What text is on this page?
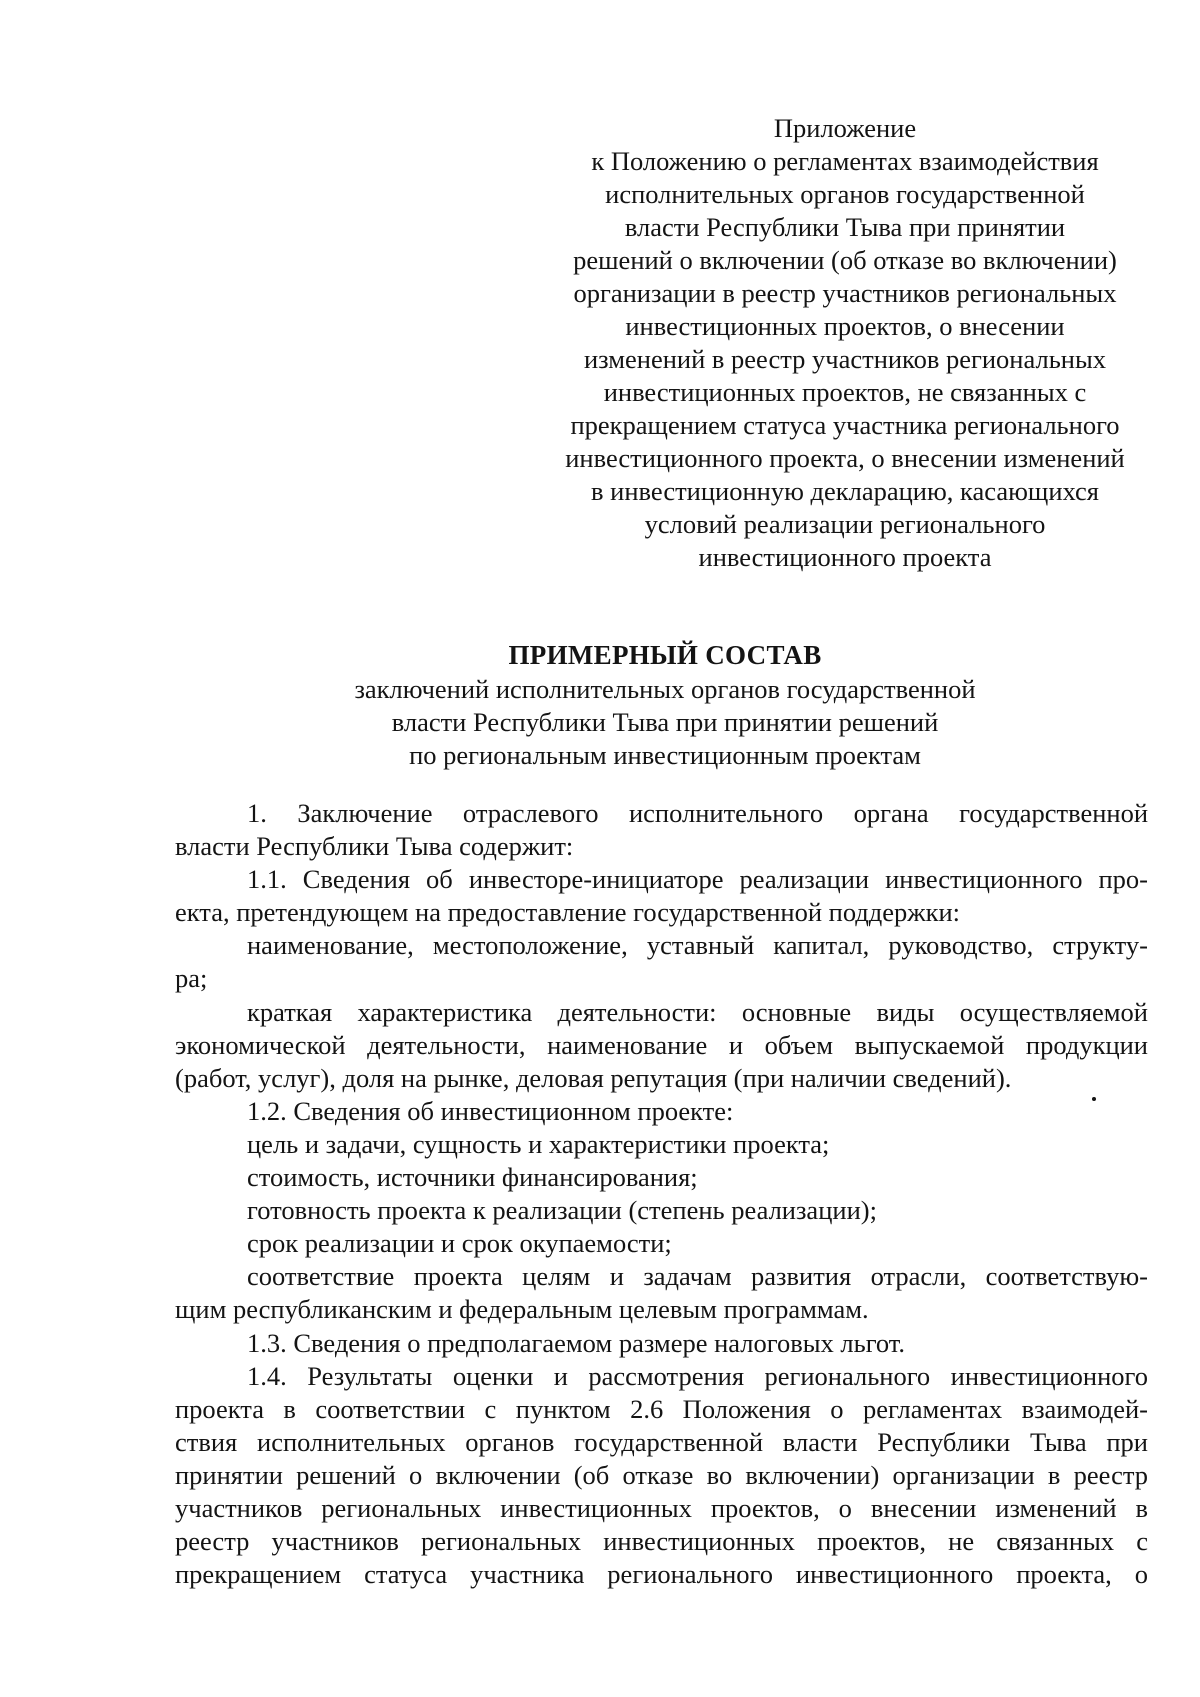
Приложение
к Положению о регламентах взаимодействия
исполнительных органов государственной
власти Республики Тыва при принятии
решений о включении (об отказе во включении)
организации в реестр участников региональных
инвестиционных проектов, о внесении
изменений в реестр участников региональных
инвестиционных проектов, не связанных с
прекращением статуса участника регионального
инвестиционного проекта, о внесении изменений
в инвестиционную декларацию, касающихся
условий реализации регионального
инвестиционного проекта
ПРИМЕРНЫЙ СОСТАВ
заключений исполнительных органов государственной
власти Республики Тыва при принятии решений
по региональным инвестиционным проектам
1. Заключение отраслевого исполнительного органа государственной
власти Республики Тыва содержит:
1.1. Сведения об инвесторе-инициаторе реализации инвестиционного про-
екта, претендующем на предоставление государственной поддержки:
наименование, местоположение, уставный капитал, руководство, структу-
ра;
краткая характеристика деятельности: основные виды осуществляемой
экономической деятельности, наименование и объем выпускаемой продукции
(работ, услуг), доля на рынке, деловая репутация (при наличии сведений).
1.2. Сведения об инвестиционном проекте:
цель и задачи, сущность и характеристики проекта;
стоимость, источники финансирования;
готовность проекта к реализации (степень реализации);
срок реализации и срок окупаемости;
соответствие проекта целям и задачам развития отрасли, соответствую-
щим республиканским и федеральным целевым программам.
1.3. Сведения о предполагаемом размере налоговых льгот.
1.4. Результаты оценки и рассмотрения регионального инвестиционного
проекта в соответствии с пунктом 2.6 Положения о регламентах взаимодей-
ствия исполнительных органов государственной власти Республики Тыва при
принятии решений о включении (об отказе во включении) организации в реестр
участников региональных инвестиционных проектов, о внесении изменений в
реестр участников региональных инвестиционных проектов, не связанных с
прекращением статуса участника регионального инвестиционного проекта, о
